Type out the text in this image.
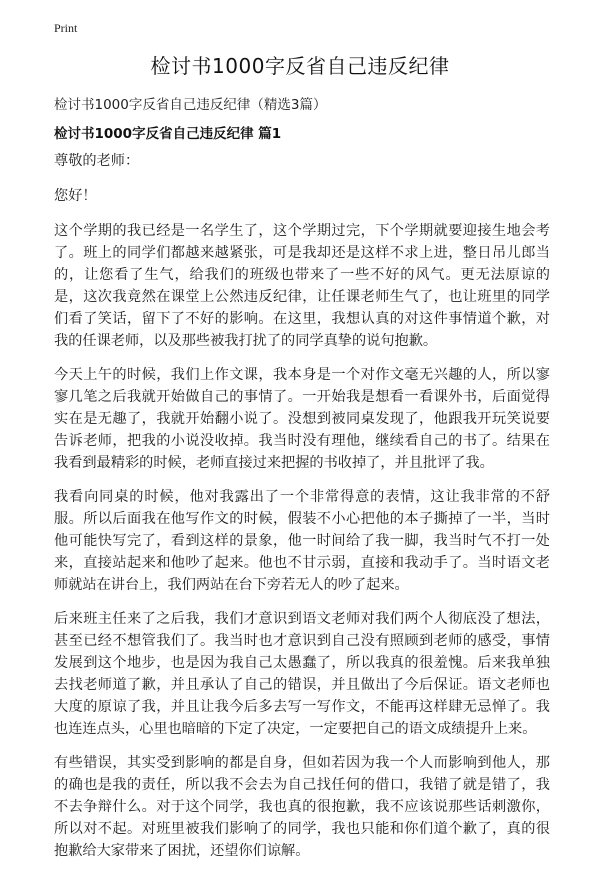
Print
检讨书1000字反省自己违反纪律
检讨书1000字反省自己违反纪律（精选3篇）
检讨书1000字反省自己违反纪律 篇1

尊敬的老师：

您好！

这个学期的我已经是一名学生了，这个学期过完，下个学期就要迎接生地会考了。班上的同学们都越来越紧张，可是我却还是这样不求上进，整日吊儿郎当的，让您看了生气，给我们的班级也带来了一些不好的风气。更无法原谅的是，这次我竟然在课堂上公然违反纪律，让任课老师生气了，也让班里的同学们看了笑话，留下了不好的影响。在这里，我想认真的对这件事情道个歉，对我的任课老师，以及那些被我打扰了的同学真挚的说句抱歉。

今天上午的时候，我们上作文课，我本身是一个对作文毫无兴趣的人，所以寥寥几笔之后我就开始做自己的事情了。一开始我是想看一看课外书，后面觉得实在是无趣了，我就开始翻小说了。没想到被同桌发现了，他跟我开玩笑说要告诉老师，把我的小说没收掉。我当时没有理他，继续看自己的书了。结果在我看到最精彩的时候，老师直接过来把握的书收掉了，并且批评了我。

我看向同桌的时候，他对我露出了一个非常得意的表情，这让我非常的不舒服。所以后面我在他写作文的时候，假装不小心把他的本子撕掉了一半，当时他可能快写完了，看到这样的景象，他一时间给了我一脚，我当时气不打一处来，直接站起来和他吵了起来。他也不甘示弱，直接和我动手了。当时语文老师就站在讲台上，我们两站在台下旁若无人的吵了起来。

后来班主任来了之后我，我们才意识到语文老师对我们两个人彻底没了想法，甚至已经不想管我们了。我当时也才意识到自己没有照顾到老师的感受，事情发展到这个地步，也是因为我自己太愚蠢了，所以我真的很羞愧。后来我单独去找老师道了歉，并且承认了自己的错误，并且做出了今后保证。语文老师也大度的原谅了我，并且让我今后多去写一写作文，不能再这样肆无忌惮了。我也连连点头，心里也暗暗的下定了决定，一定要把自己的语文成绩提升上来。

有些错误，其实受到影响的都是自身，但如若因为我一个人而影响到他人，那的确也是我的责任，所以我不会去为自己找任何的借口，我错了就是错了，我不去争辩什么。对于这个同学，我也真的很抱歉，我不应该说那些话刺激你，所以对不起。对班里被我们影响了的同学，我也只能和你们道个歉了，真的很抱歉给大家带来了困扰，还望你们谅解。
